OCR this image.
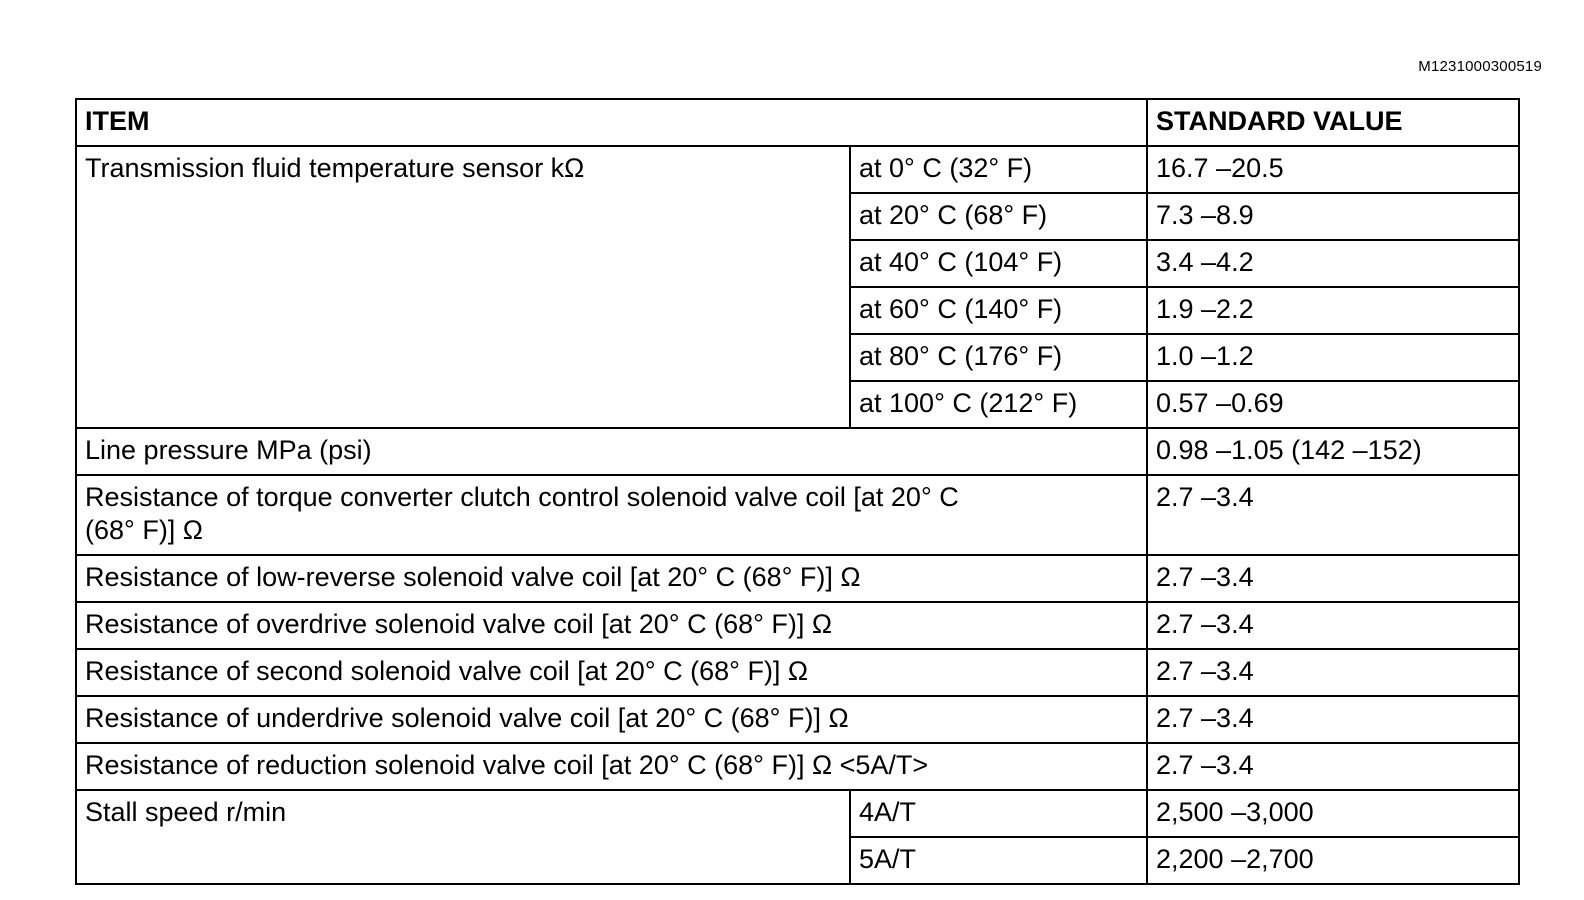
M1231000300519
ITEM		STANDARD VALUE
Transmission fluid temperature sensor kΩ	at 0° C (32° F)	16.7 –20.5
	at 20° C (68° F)	7.3 –8.9
	at 40° C (104° F)	3.4 –4.2
	at 60° C (140° F)	1.9 –2.2
	at 80° C (176° F)	1.0 –1.2
	at 100° C (212° F)	0.57 –0.69
Line pressure MPa (psi)		0.98 –1.05 (142 –152)
Resistance of torque converter clutch control solenoid valve coil [at 20° C
(68° F)] Ω		2.7 –3.4
Resistance of low-reverse solenoid valve coil [at 20° C (68° F)] Ω		2.7 –3.4
Resistance of overdrive solenoid valve coil [at 20° C (68° F)] Ω		2.7 –3.4
Resistance of second solenoid valve coil [at 20° C (68° F)] Ω		2.7 –3.4
Resistance of underdrive solenoid valve coil [at 20° C (68° F)] Ω		2.7 –3.4
Resistance of reduction solenoid valve coil [at 20° C (68° F)] Ω <5A/T>		2.7 –3.4
Stall speed r/min	4A/T	2,500 –3,000
	5A/T	2,200 –2,700
